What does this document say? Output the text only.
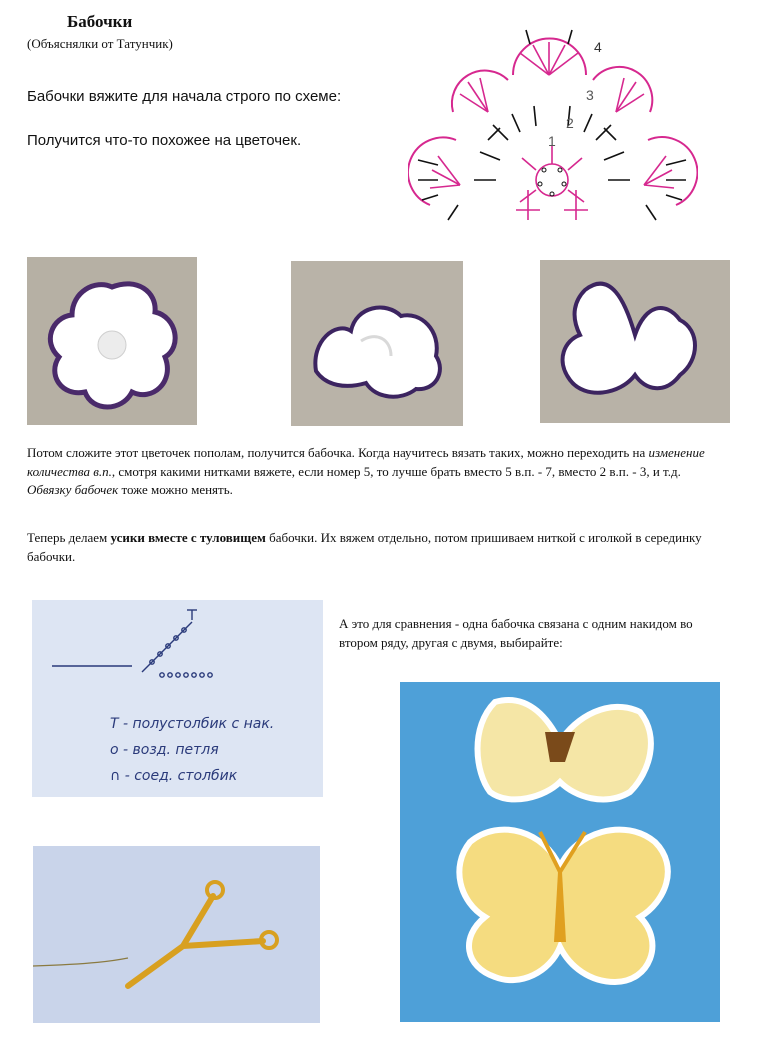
Бабочки
(Объяснялки от Татунчик)

Бабочки вяжите для начала строго по схеме:

Получится что-то похожее на цветочек.

4
3
2
1
Потом сложите этот цветочек пополам, получится бабочка. Когда научитесь вязать таких, можно переходить на изменение количества в.п., смотря какими нитками вяжете, если номер 5, то лучше брать вместо 5 в.п. - 7, вместо 2 в.п. - 3, и т.д. Обвязку бабочек тоже можно менять.
Теперь делаем усики вместе с туловищем бабочки. Их вяжем отдельно, потом пришиваем ниткой с иголкой в серединку бабочки.
Т - полустолбик с нак.
о - возд. петля
∩ - соед. столбик
А это для сравнения - одна бабочка связана с одним накидом во втором ряду, другая с двумя, выбирайте:
